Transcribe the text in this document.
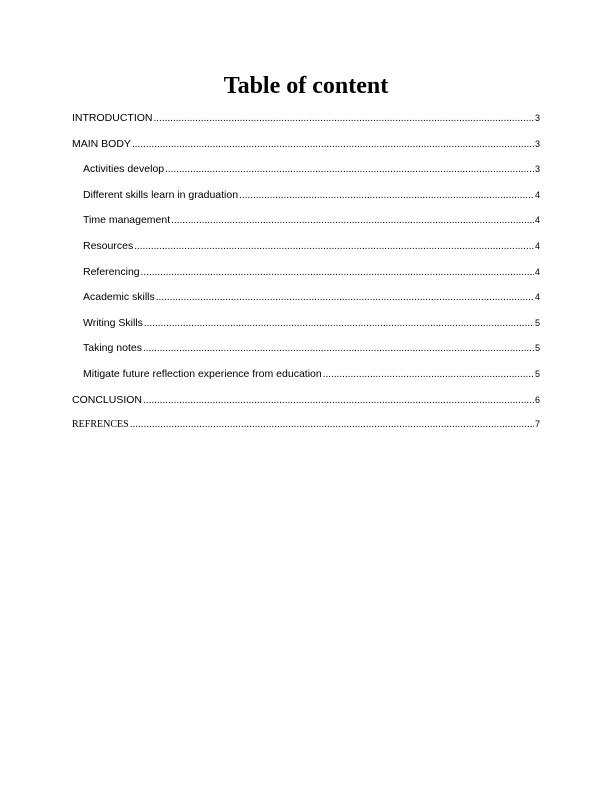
Table of content
INTRODUCTION .....	3
MAIN BODY .....	3
Activities develop .....	3
Different skills learn in graduation .....	4
Time management .....	4
Resources .....	4
Referencing .....	4
Academic skills .....	4
Writing Skills .....	5
Taking notes .....	5
Mitigate future reflection experience from education .....	5
CONCLUSION .....	6
REFRENCES .....	7
